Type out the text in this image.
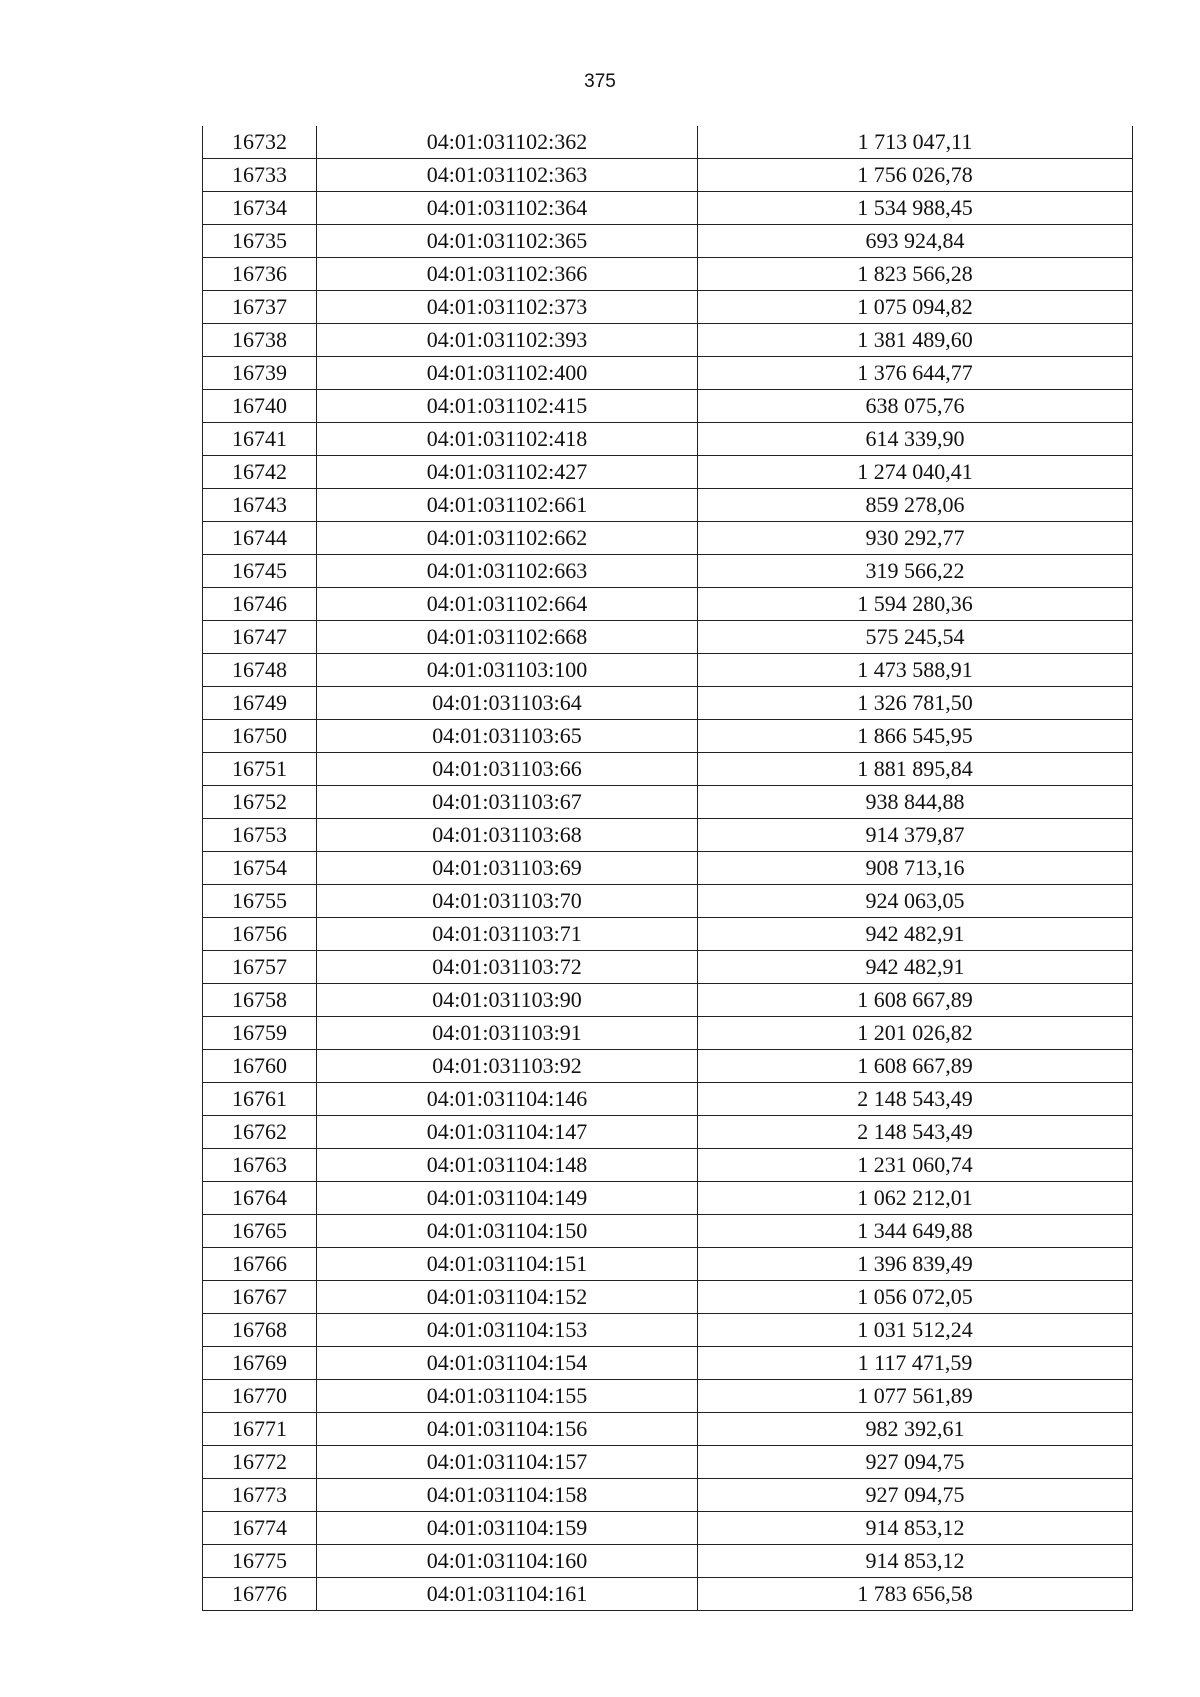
375
16732	04:01:031102:362	1 713 047,11
16733	04:01:031102:363	1 756 026,78
16734	04:01:031102:364	1 534 988,45
16735	04:01:031102:365	693 924,84
16736	04:01:031102:366	1 823 566,28
16737	04:01:031102:373	1 075 094,82
16738	04:01:031102:393	1 381 489,60
16739	04:01:031102:400	1 376 644,77
16740	04:01:031102:415	638 075,76
16741	04:01:031102:418	614 339,90
16742	04:01:031102:427	1 274 040,41
16743	04:01:031102:661	859 278,06
16744	04:01:031102:662	930 292,77
16745	04:01:031102:663	319 566,22
16746	04:01:031102:664	1 594 280,36
16747	04:01:031102:668	575 245,54
16748	04:01:031103:100	1 473 588,91
16749	04:01:031103:64	1 326 781,50
16750	04:01:031103:65	1 866 545,95
16751	04:01:031103:66	1 881 895,84
16752	04:01:031103:67	938 844,88
16753	04:01:031103:68	914 379,87
16754	04:01:031103:69	908 713,16
16755	04:01:031103:70	924 063,05
16756	04:01:031103:71	942 482,91
16757	04:01:031103:72	942 482,91
16758	04:01:031103:90	1 608 667,89
16759	04:01:031103:91	1 201 026,82
16760	04:01:031103:92	1 608 667,89
16761	04:01:031104:146	2 148 543,49
16762	04:01:031104:147	2 148 543,49
16763	04:01:031104:148	1 231 060,74
16764	04:01:031104:149	1 062 212,01
16765	04:01:031104:150	1 344 649,88
16766	04:01:031104:151	1 396 839,49
16767	04:01:031104:152	1 056 072,05
16768	04:01:031104:153	1 031 512,24
16769	04:01:031104:154	1 117 471,59
16770	04:01:031104:155	1 077 561,89
16771	04:01:031104:156	982 392,61
16772	04:01:031104:157	927 094,75
16773	04:01:031104:158	927 094,75
16774	04:01:031104:159	914 853,12
16775	04:01:031104:160	914 853,12
16776	04:01:031104:161	1 783 656,58
